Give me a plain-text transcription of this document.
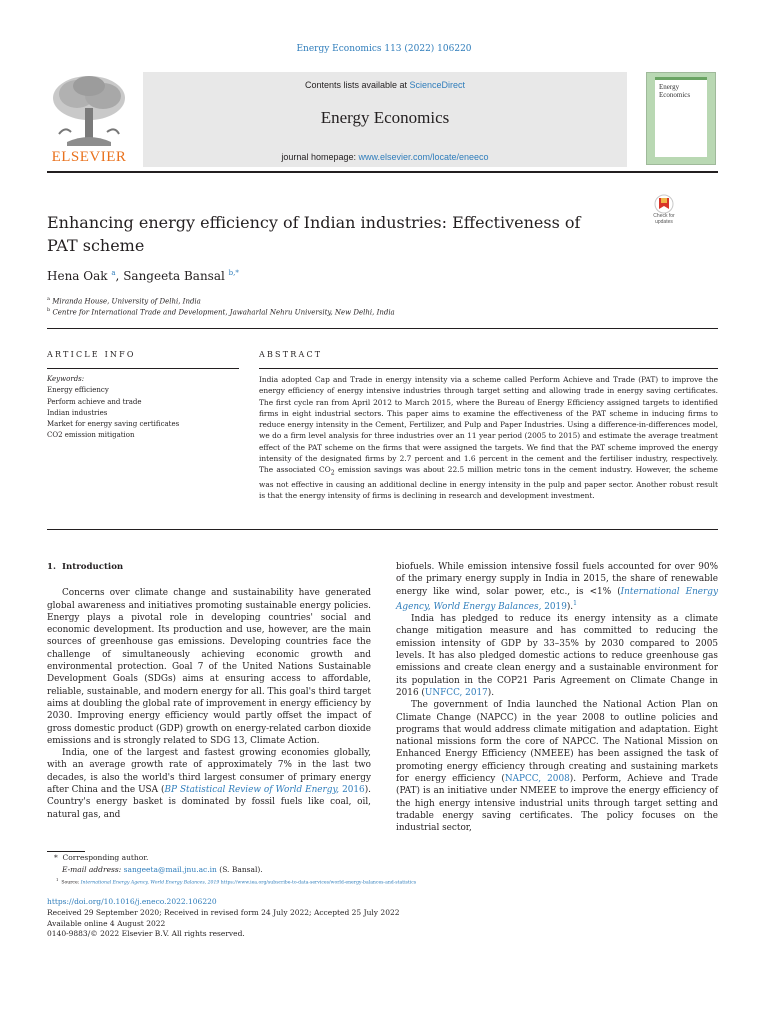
Energy Economics 113 (2022) 106220
ELSEVIER
Contents lists available at ScienceDirect
Energy Economics
journal homepage: www.elsevier.com/locate/eneeco
Energy
Economics
Enhancing energy efficiency of Indian industries: Effectiveness of
PAT scheme
Check for
updates
Hena Oak $^a$, Sangeeta Bansal $^{b,*}$
$^a$ Miranda House, University of Delhi, India
$^b$ Centre for International Trade and Development, Jawaharlal Nehru University, New Delhi, India
ARTICLE INFO	ABSTRACT
Keywords:
Energy efficiency
Perform achieve and trade
Indian industries
Market for energy saving certificates
CO2 emission mitigation
India adopted Cap and Trade in energy intensity via a scheme called Perform Achieve and Trade (PAT) to improve the energy efficiency of energy intensive industries through target setting and allowing trade in energy saving certificates. The first cycle ran from April 2012 to March 2015, where the Bureau of Energy Efficiency assigned targets to identified firms in eight industrial sectors. This paper aims to examine the effectiveness of the PAT scheme in inducing firms to reduce energy intensity in the Cement, Fertilizer, and Pulp and Paper Industries. Using a difference-in-differences model, we do a firm level analysis for three industries over an 11 year period (2005 to 2015) and estimate the average treatment effect of the PAT scheme on the firms that were assigned the targets. We find that the PAT scheme improved the energy intensity of the designated firms by 2.7 percent and 1.6 percent in the cement and the fertiliser industry, respectively. The associated $CO_2$ emission savings was about 22.5 million metric tons in the cement industry. However, the scheme was not effective in causing an additional decline in energy intensity in the pulp and paper sector. Another robust result is that the energy intensity of firms is declining in research and development investment.
1. Introduction

Concerns over climate change and sustainability have generated global awareness and initiatives promoting sustainable energy policies. Energy plays a pivotal role in developing countries' social and economic development. Its production and use, however, are the main sources of greenhouse gas emissions. Developing countries face the challenge of simultaneously achieving economic growth and environmental protection. Goal 7 of the United Nations Sustainable Development Goals (SDGs) aims at ensuring access to affordable, reliable, sustainable, and modern energy for all. This goal's third target aims at doubling the global rate of improvement in energy efficiency by 2030. Improving energy efficiency would partly offset the impact of gross domestic product (GDP) growth on energy-related carbon dioxide emissions and is strongly related to SDG 13, Climate Action.

India, one of the largest and fastest growing economies globally, with an average growth rate of approximately 7% in the last two decades, is also the world's third largest consumer of primary energy after China and the USA (BP Statistical Review of World Energy, 2016). Country's energy basket is dominated by fossil fuels like coal, oil, natural gas, and

biofuels. While emission intensive fossil fuels accounted for over 90% of the primary energy supply in India in 2015, the share of renewable energy like wind, solar power, etc., is <1% (International Energy Agency, World Energy Balances, 2019).$^1$

India has pledged to reduce its energy intensity as a climate change mitigation measure and has committed to reducing the emission intensity of GDP by 33–35% by 2030 compared to 2005 levels. It has also pledged domestic actions to reduce greenhouse gas emissions and create clean energy and a sustainable environment for its population in the COP21 Paris Agreement on Climate Change in 2016 (UNFCC, 2017).

The government of India launched the National Action Plan on Climate Change (NAPCC) in the year 2008 to outline policies and programs that would address climate mitigation and adaptation. Eight national missions form the core of NAPCC. The National Mission on Enhanced Energy Efficiency (NMEEE) has been assigned the task of promoting energy efficiency through creating and sustaining markets for energy efficiency (NAPCC, 2008). Perform, Achieve and Trade (PAT) is an initiative under NMEEE to improve the energy efficiency of the high energy intensive industrial units through target setting and tradable energy saving certificates. The policy focuses on the industrial sector,

* Corresponding author.
E-mail address: sangeeta@mail.jnu.ac.in (S. Bansal).
$^1$  Source: International Energy Agency, World Energy Balances, 2019 https://www.iea.org/subscribe-to-data-services/world-energy-balances-and-statistics
https://doi.org/10.1016/j.eneco.2022.106220
Received 29 September 2020; Received in revised form 24 July 2022; Accepted 25 July 2022
Available online 4 August 2022
0140-9883/© 2022 Elsevier B.V. All rights reserved.
